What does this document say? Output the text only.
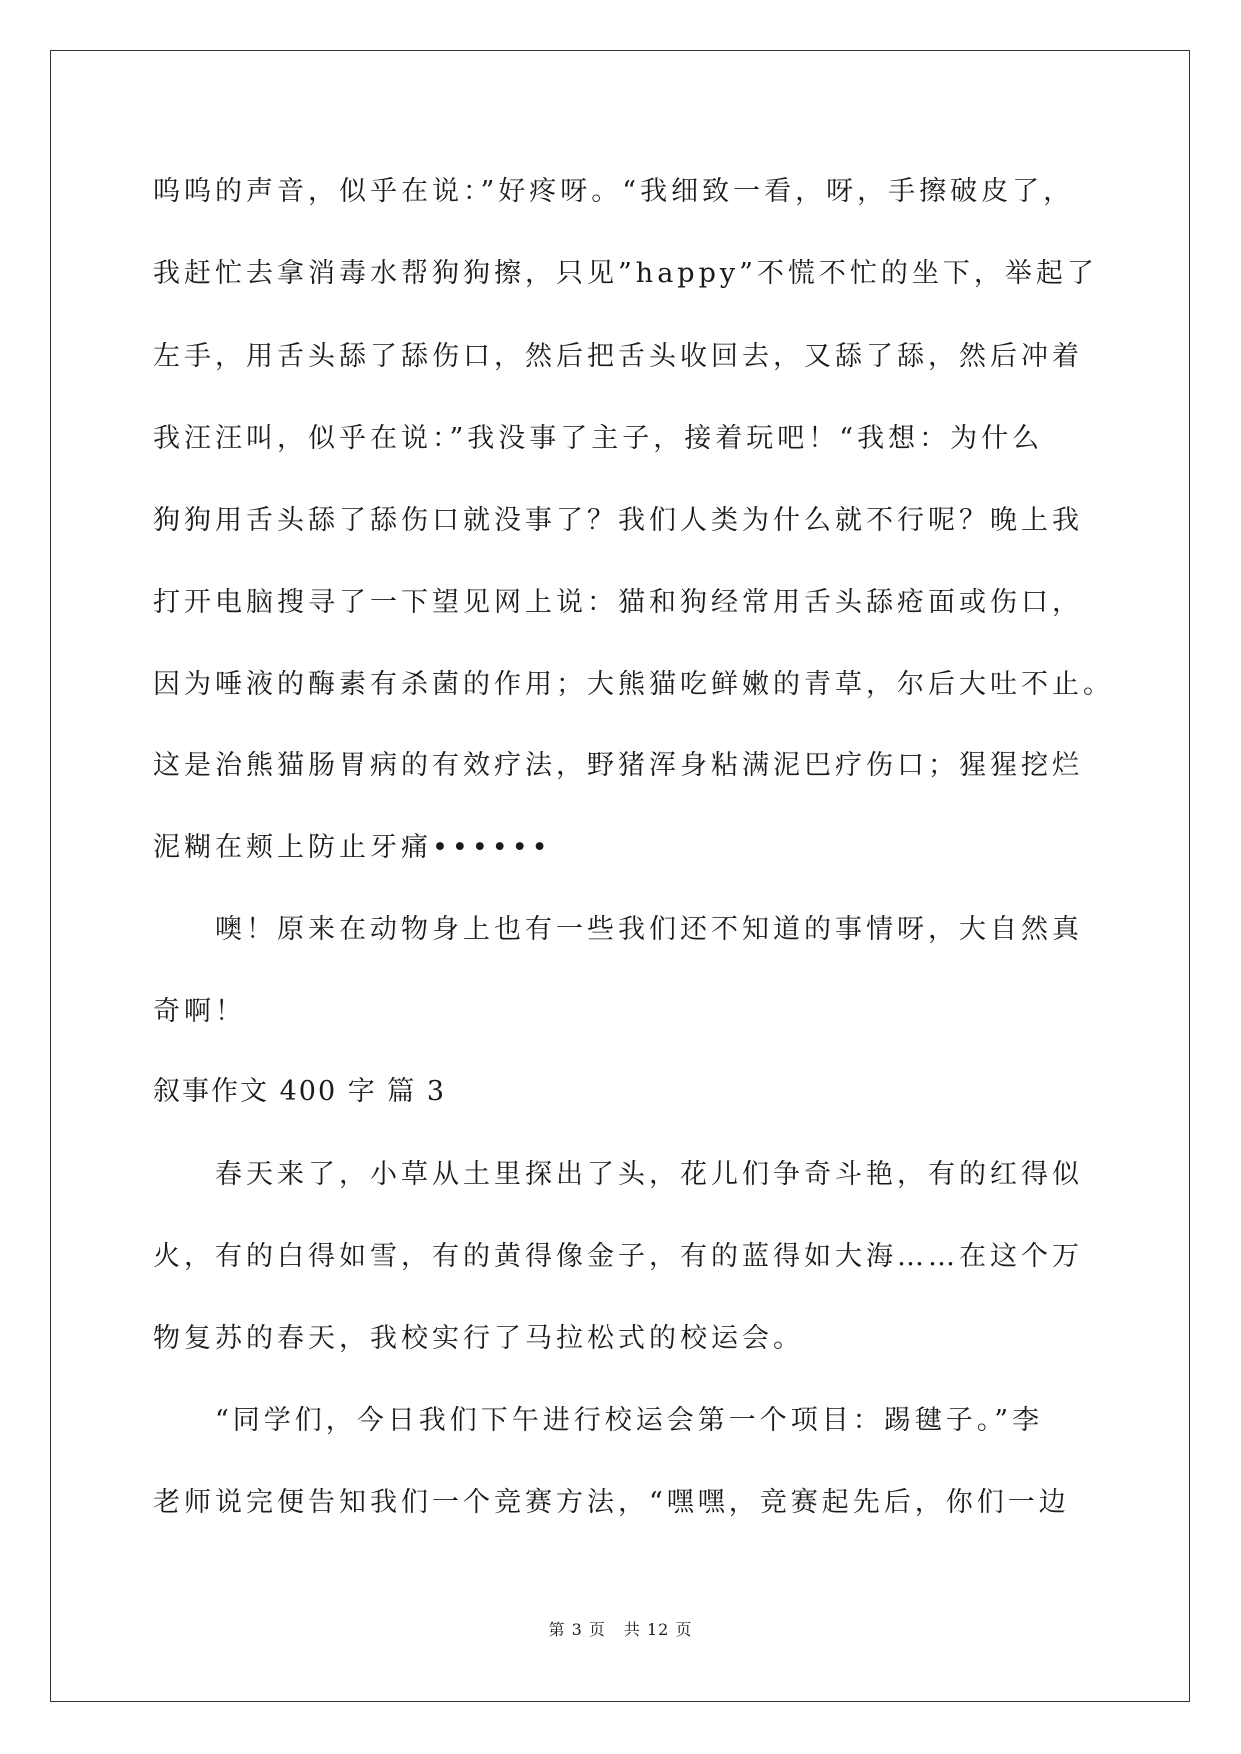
呜呜的声音，似乎在说：”好疼呀。“我细致一看，呀，手擦破皮了，
我赶忙去拿消毒水帮狗狗擦，只见”happy”不慌不忙的坐下，举起了
左手，用舌头舔了舔伤口，然后把舌头收回去，又舔了舔，然后冲着
我汪汪叫，似乎在说：”我没事了主子，接着玩吧！“我想：为什么
狗狗用舌头舔了舔伤口就没事了？我们人类为什么就不行呢？晚上我
打开电脑搜寻了一下望见网上说：猫和狗经常用舌头舔疮面或伤口，
因为唾液的酶素有杀菌的作用；大熊猫吃鲜嫩的青草，尔后大吐不止。
这是治熊猫肠胃病的有效疗法，野猪浑身粘满泥巴疗伤口；猩猩挖烂
泥糊在颊上防止牙痛••••••
　　噢！原来在动物身上也有一些我们还不知道的事情呀，大自然真
奇啊！
叙事作文 400 字 篇 3
　　春天来了，小草从土里探出了头，花儿们争奇斗艳，有的红得似
火，有的白得如雪，有的黄得像金子，有的蓝得如大海……在这个万
物复苏的春天，我校实行了马拉松式的校运会。
　　“同学们，今日我们下午进行校运会第一个项目：踢毽子。”李
老师说完便告知我们一个竞赛方法，“嘿嘿，竞赛起先后，你们一边
第 3 页 共 12 页
